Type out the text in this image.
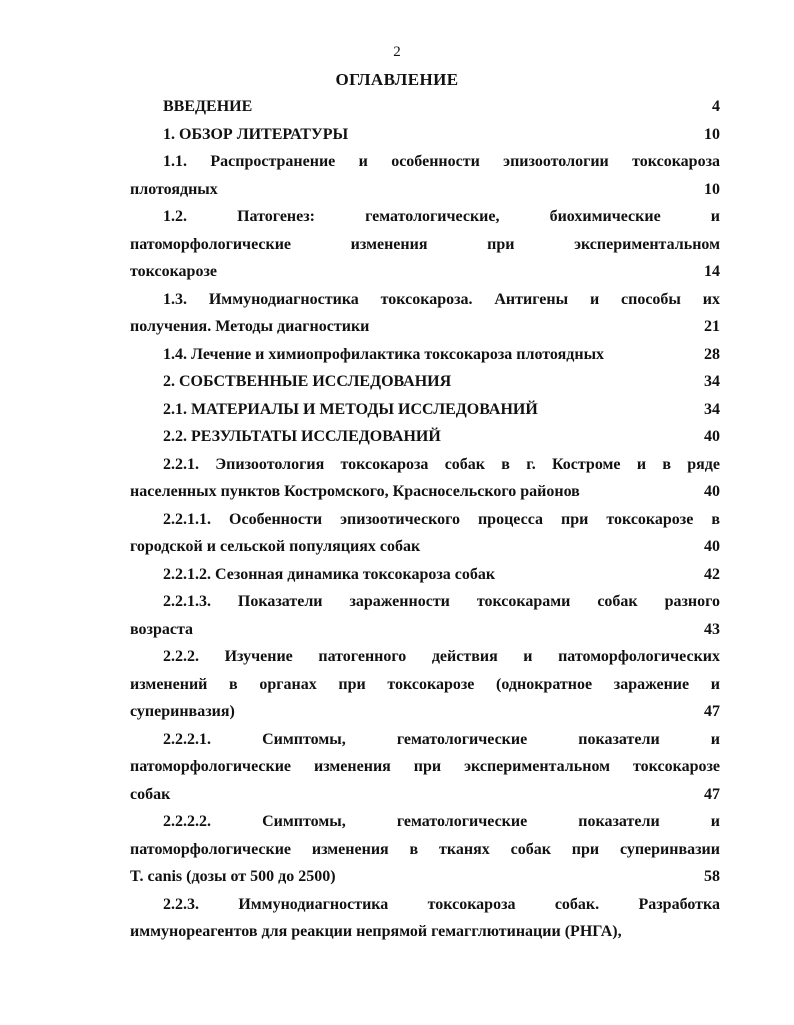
2
ОГЛАВЛЕНИЕ
ВВЕДЕНИЕ	4
1. ОБЗОР ЛИТЕРАТУРЫ	10
1.1. Распространение и особенности эпизоотологии токсокароза
плотоядных	10
1.2. Патогенез: гематологические, биохимические и
патоморфологические изменения при экспериментальном
токсокарозе	14
1.3. Иммунодиагностика токсокароза. Антигены и способы их
получения. Методы диагностики	21
1.4. Лечение и химиопрофилактика токсокароза плотоядных	28
2. СОБСТВЕННЫЕ ИССЛЕДОВАНИЯ	34
2.1. МАТЕРИАЛЫ И МЕТОДЫ ИССЛЕДОВАНИЙ	34
2.2. РЕЗУЛЬТАТЫ ИССЛЕДОВАНИЙ	40
2.2.1. Эпизоотология токсокароза собак в г. Костроме и в ряде
населенных пунктов Костромского, Красносельского районов	40
2.2.1.1. Особенности эпизоотического процесса при токсокарозе в
городской и сельской популяциях собак	40
2.2.1.2. Сезонная динамика токсокароза собак	42
2.2.1.3. Показатели зараженности токсокарами собак разного
возраста	43
2.2.2. Изучение патогенного действия и патоморфологических
изменений в органах при токсокарозе (однократное заражение и
суперинвазия)	47
2.2.2.1. Симптомы, гематологические показатели и
патоморфологические изменения при экспериментальном токсокарозе
собак	47
2.2.2.2. Симптомы, гематологические показатели и
патоморфологические изменения в тканях собак при суперинвазии
T. canis (дозы от 500 до 2500)	58
2.2.3. Иммунодиагностика токсокароза собак. Разработка
иммунореагентов для реакции непрямой гемагглютинации (РНГА),
